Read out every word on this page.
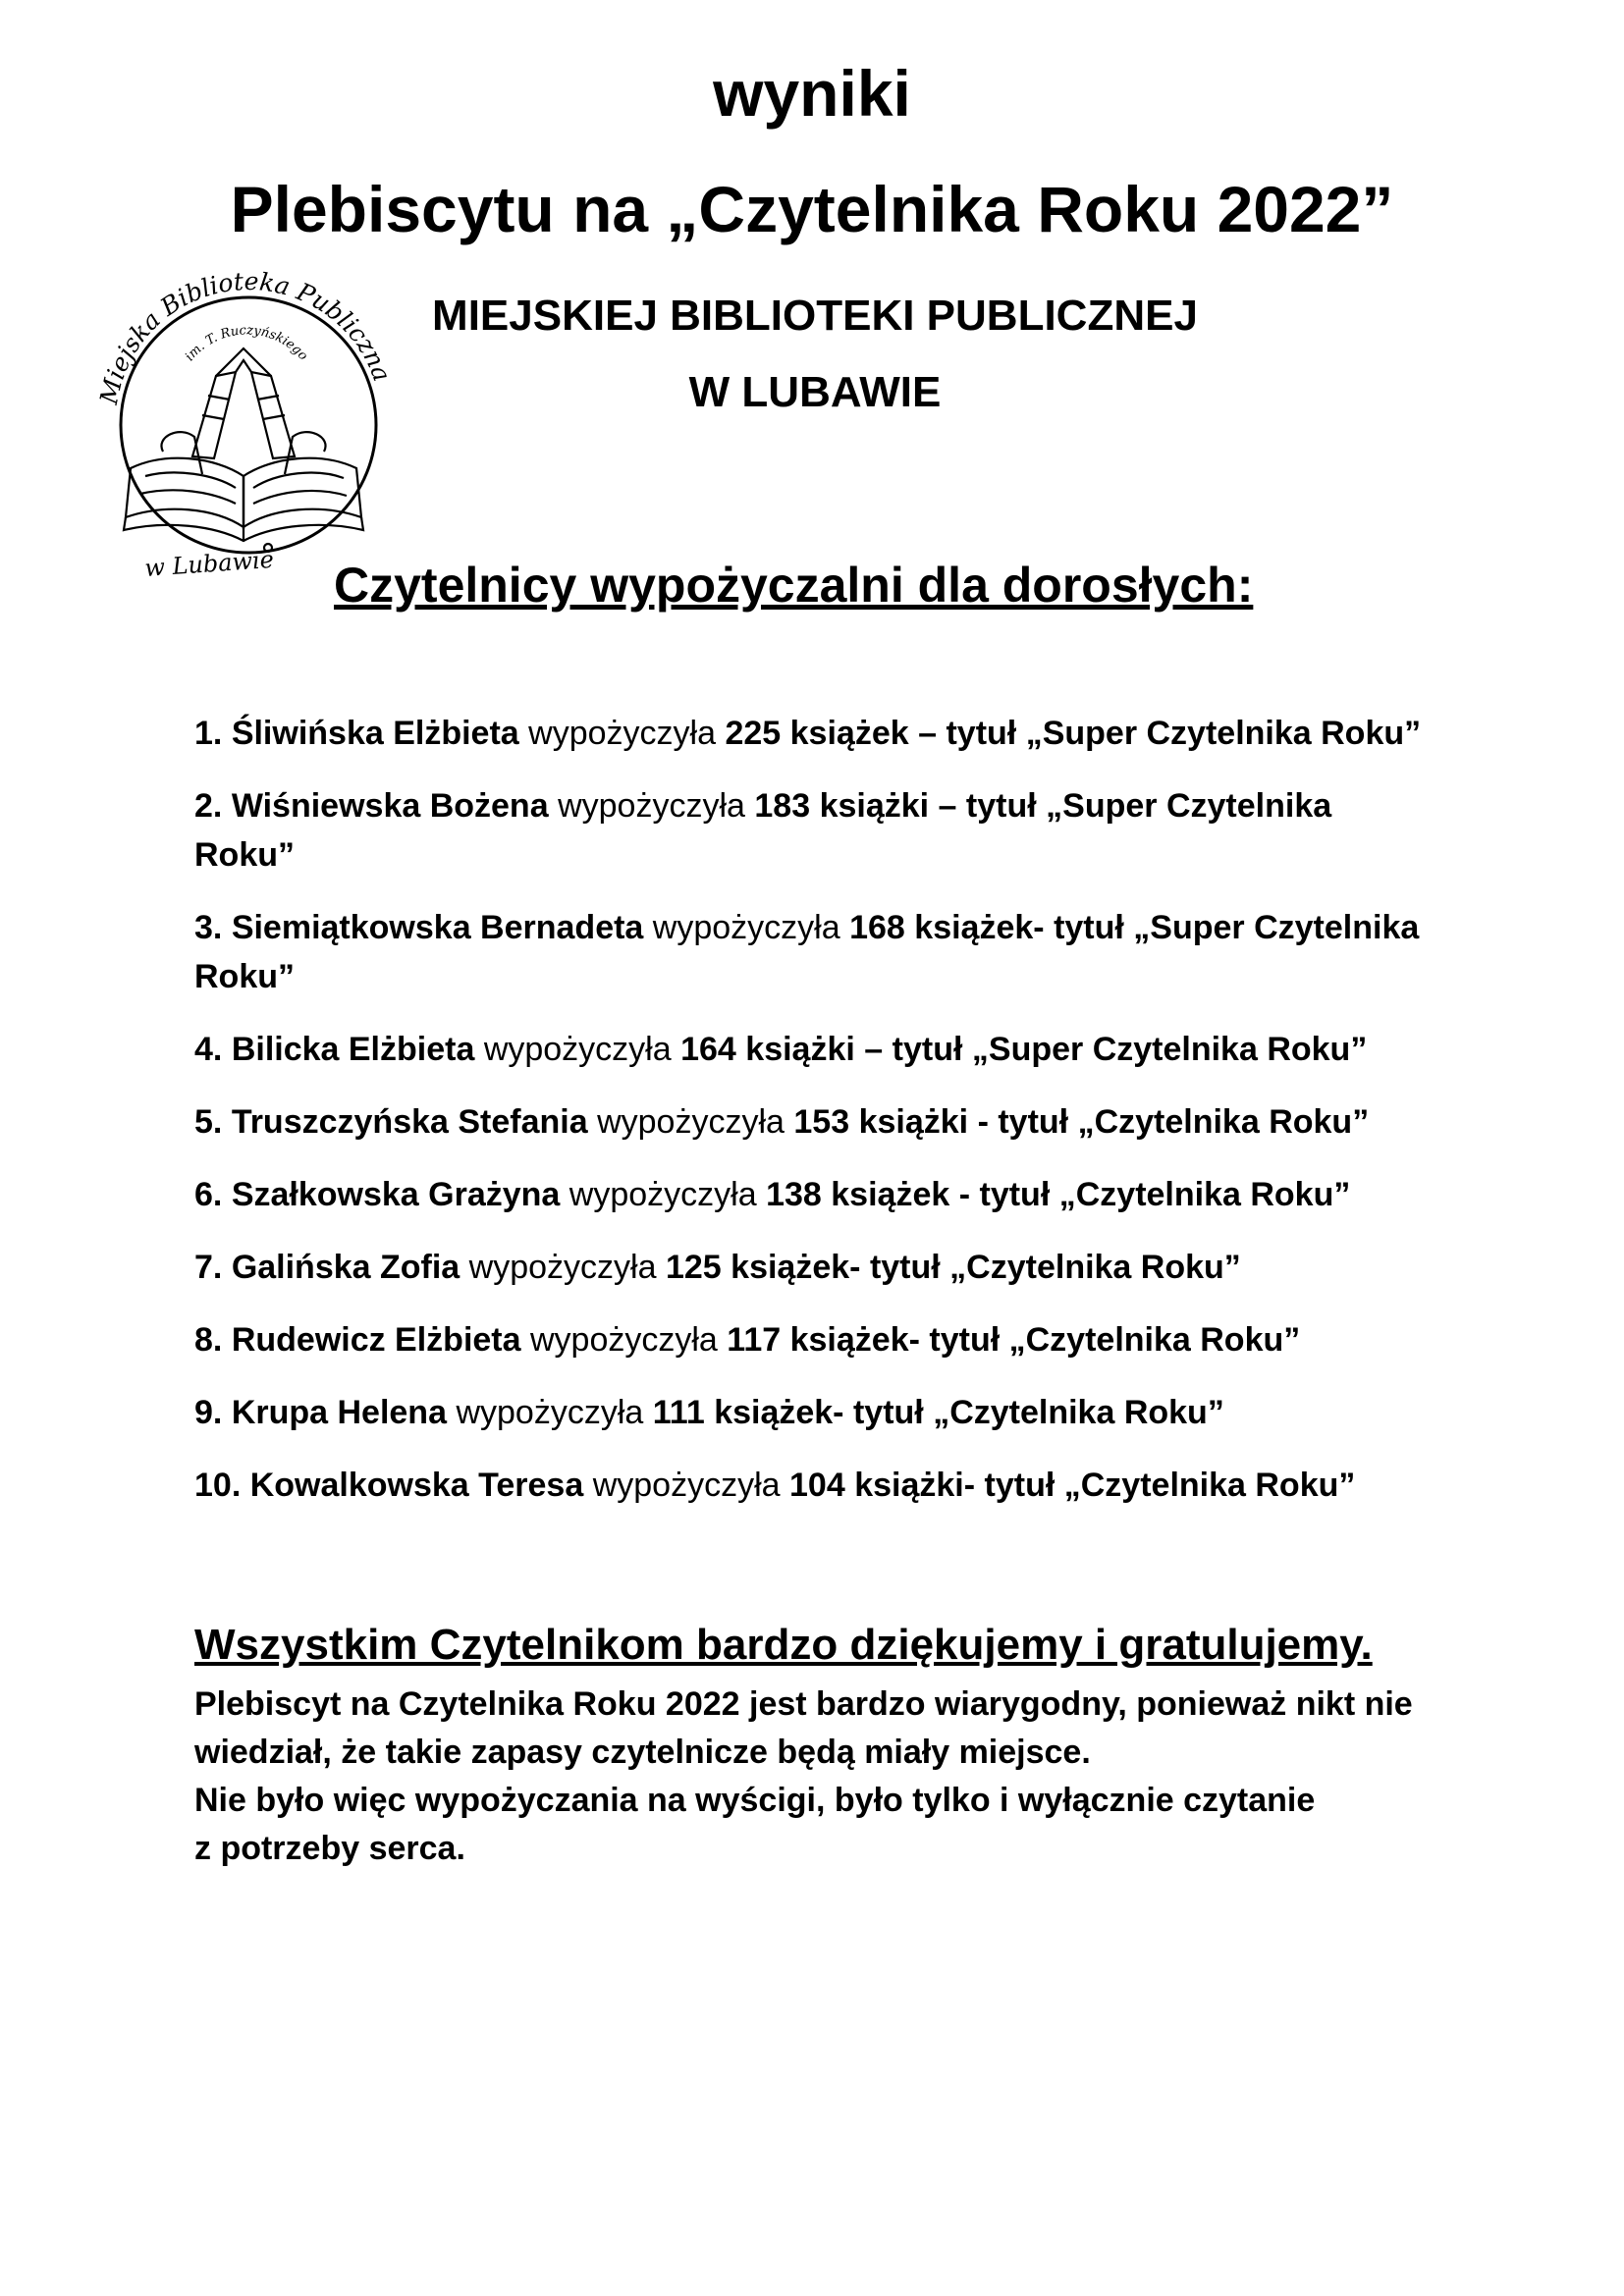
wyniki
Plebiscytu na „Czytelnika Roku 2022”
MIEJSKIEJ BIBLIOTEKI PUBLICZNEJ
W LUBAWIE
Miejska Biblioteka Publiczna
im. T. Ruczyńskiego
w Lubawie Czytelnicy wypożyczalni dla dorosłych:
1. Śliwińska Elżbieta wypożyczyła 225 książek – tytuł „Super Czytelnika Roku”
2. Wiśniewska Bożena wypożyczyła 183 książki – tytuł „Super Czytelnika Roku”
3. Siemiątkowska Bernadeta wypożyczyła 168 książek- tytuł „Super Czytelnika Roku”
4. Bilicka Elżbieta wypożyczyła 164 książki – tytuł „Super Czytelnika Roku”
5. Truszczyńska Stefania wypożyczyła 153 książki - tytuł „Czytelnika Roku”
6. Szałkowska Grażyna wypożyczyła 138 książek - tytuł „Czytelnika Roku”
7. Galińska Zofia wypożyczyła 125 książek- tytuł „Czytelnika Roku”
8. Rudewicz Elżbieta wypożyczyła 117 książek- tytuł „Czytelnika Roku”
9. Krupa Helena wypożyczyła 111 książek- tytuł „Czytelnika Roku”
10. Kowalkowska Teresa wypożyczyła 104 książki- tytuł „Czytelnika Roku”
Wszystkim Czytelnikom bardzo dziękujemy i gratulujemy.
Plebiscyt na Czytelnika Roku 2022 jest bardzo wiarygodny, ponieważ nikt nie
wiedział, że takie zapasy czytelnicze będą miały miejsce.
Nie było więc wypożyczania na wyścigi, było tylko i wyłącznie czytanie
z potrzeby serca.
